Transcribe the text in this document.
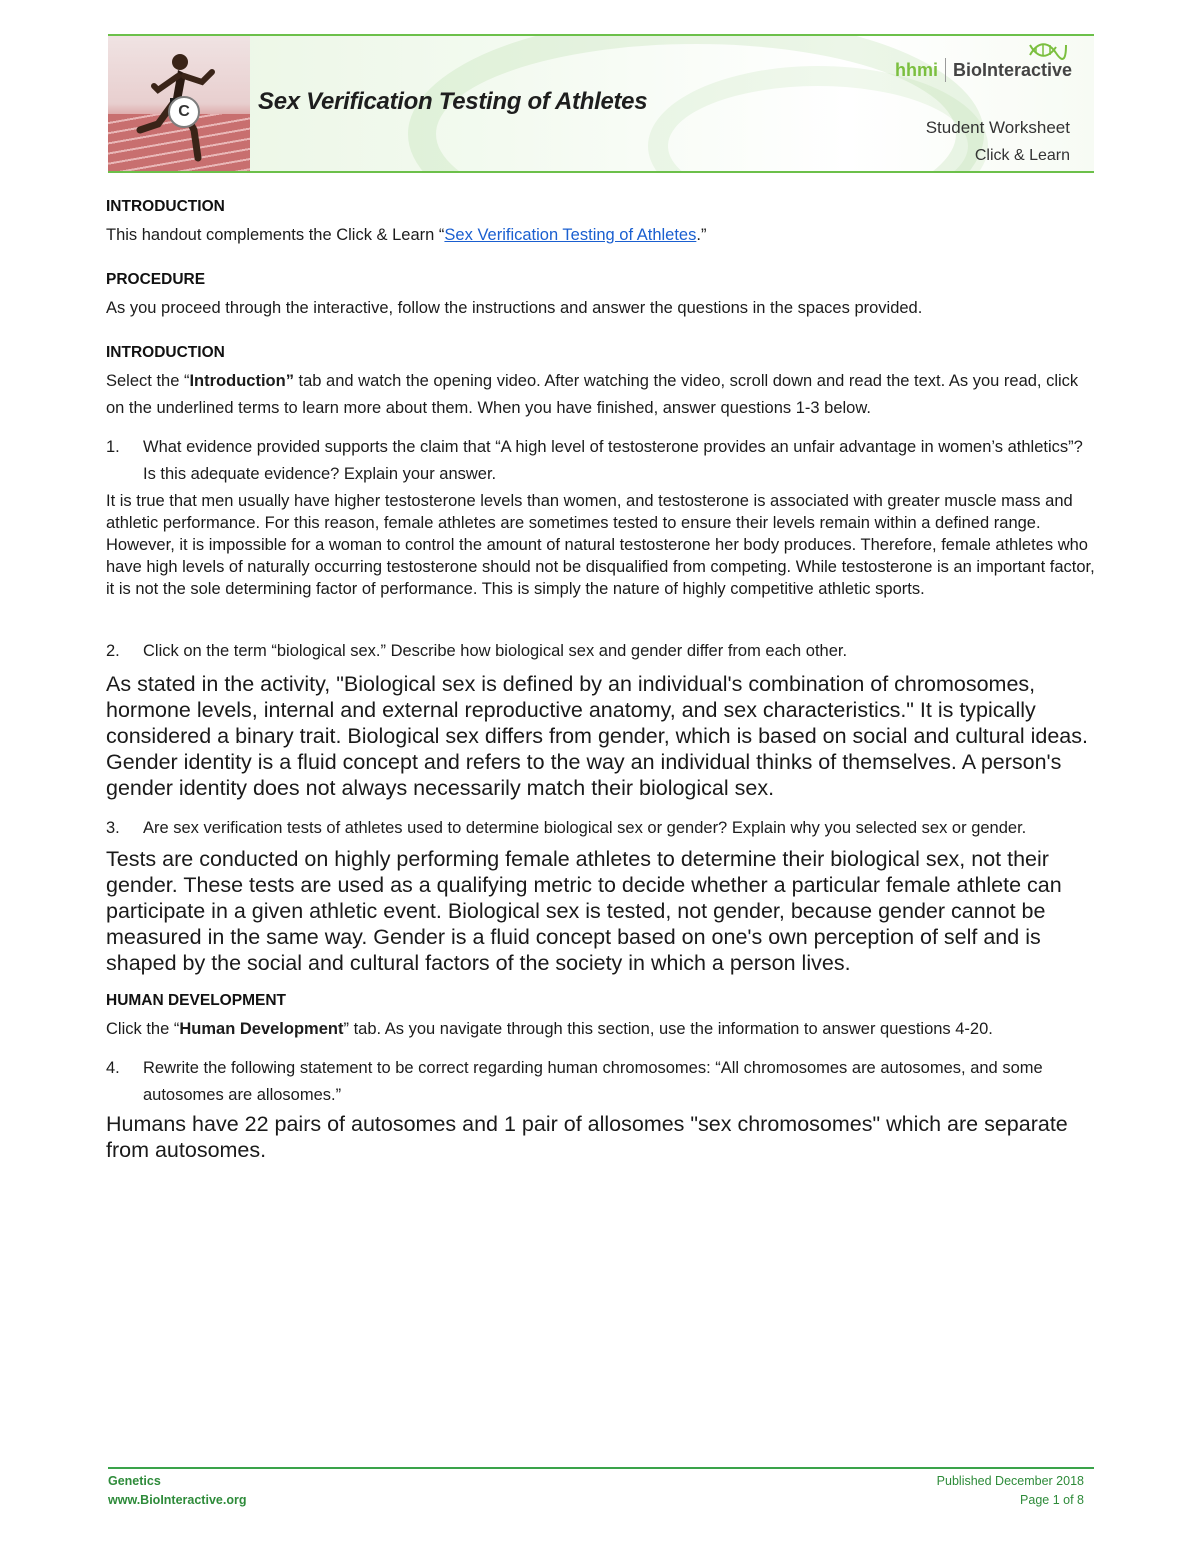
C	Sex Verification Testing of Athletes
hhmi BioInteractive
Student Worksheet
Click & Learn

INTRODUCTION

This handout complements the Click & Learn “Sex Verification Testing of Athletes.”

PROCEDURE

As you proceed through the interactive, follow the instructions and answer the questions in the spaces provided.

INTRODUCTION

Select the “Introduction” tab and watch the opening video. After watching the video, scroll down and read the text. As you read, click on the underlined terms to learn more about them. When you have finished, answer questions 1-3 below.

1.	What evidence provided supports the claim that “A high level of testosterone provides an unfair advantage in women’s athletics”? Is this adequate evidence? Explain your answer.

It is true that men usually have higher testosterone levels than women, and testosterone is associated with greater muscle mass and athletic performance. For this reason, female athletes are sometimes tested to ensure their levels remain within a defined range. However, it is impossible for a woman to control the amount of natural testosterone her body produces. Therefore, female athletes who have high levels of naturally occurring testosterone should not be disqualified from competing. While testosterone is an important factor, it is not the sole determining factor of performance. This is simply the nature of highly competitive athletic sports.

2.	Click on the term “biological sex.” Describe how biological sex and gender differ from each other.

As stated in the activity, "Biological sex is defined by an individual's combination of chromosomes, hormone levels, internal and external reproductive anatomy, and sex characteristics." It is typically considered a binary trait. Biological sex differs from gender, which is based on social and cultural ideas. Gender identity is a fluid concept and refers to the way an individual thinks of themselves. A person's gender identity does not always necessarily match their biological sex.

3.	Are sex verification tests of athletes used to determine biological sex or gender? Explain why you selected sex or gender.

Tests are conducted on highly performing female athletes to determine their biological sex, not their gender. These tests are used as a qualifying metric to decide whether a particular female athlete can participate in a given athletic event. Biological sex is tested, not gender, because gender cannot be measured in the same way. Gender is a fluid concept based on one's own perception of self and is shaped by the social and cultural factors of the society in which a person lives.

HUMAN DEVELOPMENT

Click the “Human Development” tab. As you navigate through this section, use the information to answer questions 4-20.

4.	Rewrite the following statement to be correct regarding human chromosomes: “All chromosomes are autosomes, and some autosomes are allosomes.”

Humans have 22 pairs of autosomes and 1 pair of allosomes "sex chromosomes" which are separate from autosomes.

Genetics
www.BioInteractive.org
Published December 2018
Page 1 of 8
